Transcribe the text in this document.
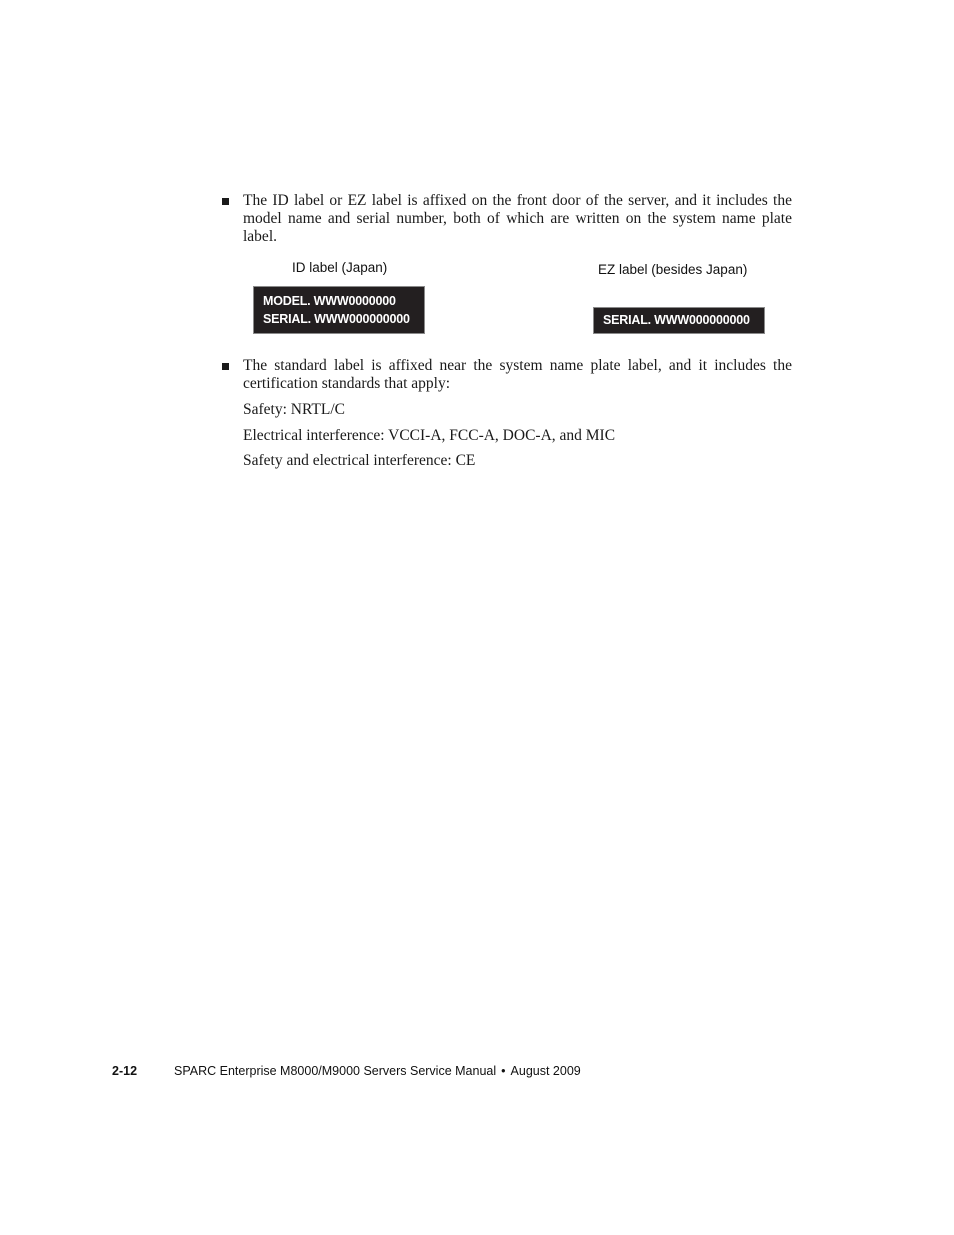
The ID label or EZ label is affixed on the front door of the server, and it includes the model name and serial number, both of which are written on the system name plate label.
ID label (Japan)
MODEL. WWW0000000
SERIAL. WWW000000000
EZ label (besides Japan)
SERIAL. WWW000000000
The standard label is affixed near the system name plate label, and it includes the certification standards that apply:
Safety: NRTL/C
Electrical interference: VCCI-A, FCC-A, DOC-A, and MIC
Safety and electrical interference: CE
2-12	SPARC Enterprise M8000/M9000 Servers Service Manual • August 2009
